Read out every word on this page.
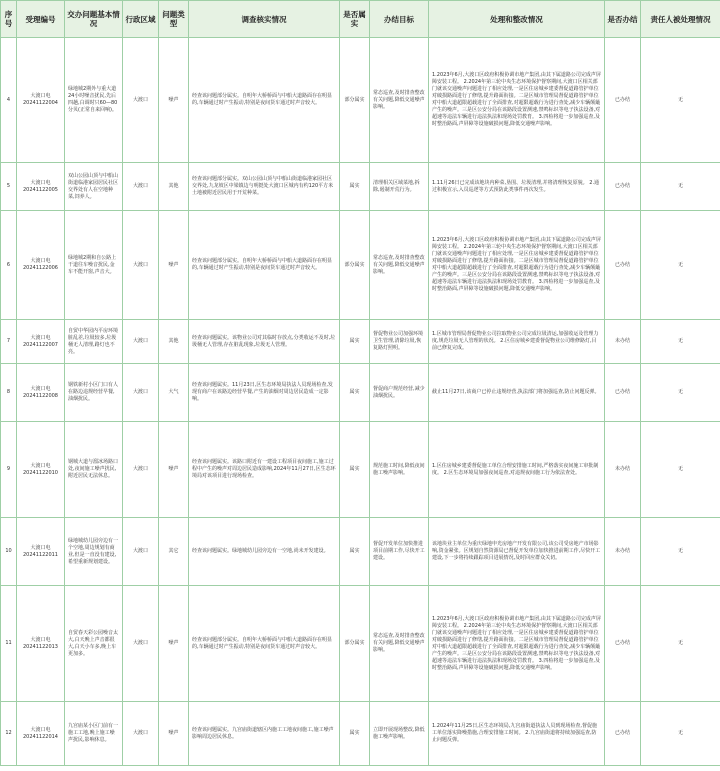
序号	受理编号	交办问题基本情况	行政区域	问题类型	调查核实情况	是否属实	办结目标	处理和整改情况	是否办结	责任人被处理情况
4	大渡口电20241122004	绿地城2期外与重大道24小时噪音扰民,先后四趟,白调时只60—80分贝(正常自来回响)。	大渡口	噪声	经查该问题部分属实。自明年大桥桥面与中船大道路面存在明显的,车辆通过时产生振动,特别是夜间货车通过时声音较大。	部分属实	常态巡查,及时排查整改有关问题,降低交通噪声影响。	1.2023年6月,大渡口区政府积极协调市地产集团,由其下属道路公司完成声屏障安装工程。 2.2024年第三轮中央生态环境保护督察期间,大渡口区相关部门就该交通噪声问题进行了相应处理,一是区住房城乡建委督促道路管护单位对破损路面进行了修缮,提升路面衔接。二是区城市管理局督促道路管护单位对中船大道超限超载进行了全面排查,对超限超载行为进行查处,减少车辆颠簸产生的噪声。三是区公安分局在该路段设置测速,禁鸣标识等电子执法设备,对超速等违法车辆进行违法执法和现场处罚教育。 3.四检将进一步加强巡查,及时整治路面,声屏障等设施破损问题,降低交通噪声影响。	已办结	无
5	大渡口电20241122005	双山公园山顶与中船山街道临港家园居民社区交界处有人在空地种菜,饲养人。	大渡口	其他	经查该问题部分属实。双山公园山顶与中船山街道临港家园社区交界处,九龙坡区中梁镇边与明挺处大渡口区城内有约120平方米土地被附近居民用于开荒种菜。	属实	清理相关区域菜地,拆除,遏制开荒行为。	1.11月26日已完成该地块内种菜,垦围、垃圾清理,并将清理恢复原貌。 2.通过积极宣示,入员巡逻等方式预防此类事件再次发生。	已办结	无
6	大渡口电20241122006	绿地城2期和自公路上干道往车噪音扰民,金车不能开窗,声音大。	大渡口	噪声	经查该问题部分属实。自明年大桥桥面与中船大道路面存在明显的,车辆通过时产生振动,特别是夜间货车通过时声音较大。	部分属实	常态巡查,及时排查整改有关问题,降低交通噪声影响。	1.2023年6月,大渡口区政府积极协调市地产集团,由其下属道路公司完成声屏障安装工程。 2.2024年第三轮中央生态环境保护督察期间,大渡口区相关部门就该交通噪声问题进行了相应处理,一是区住房城乡建委督促道路管护单位对破损路面进行了修缮,提升路面衔接。二是区城市管理局督促道路管护单位对中船大道超限超载进行了全面排查,对超限超载行为进行查处,减少车辆颠簸产生的噪声。三是区公安分局在该路段设置测速,禁鸣标识等电子执法设备,对超速等违法车辆进行违法执法和现场处罚教育。 3.四检将进一步加强巡查,及时整治路面,声屏障等设施破损问题,降低交通噪声影响。	已办结	无
7	大渡口电20241122007	自贸中华园内平房环境脏乱差,垃圾较多,垃圾桶无人清理,路灯也不亮。	大渡口	其他	经查该问题属实。该物业公司对其临时存放点,分类收运不及时,垃圾桶无人管理,存在脏乱现象,垃圾无人管理。	属实	督促物业公司加强环境卫生管理,清除垃圾,恢复路灯照明。	1.区城市管理局督促物业公司拉取物业公司完成垃圾清运,加强收运及管理力度,规范垃圾无人管理的状况。 2.区住房城乡建委督促物业公司维修路灯,目前已修复完成。	未办结	无
8	大渡口电20241122008	钢铁新村小区门口有人在路边违规经营早餐,油烟扰民。	大渡口	大气	经查该问题属实。11月23日,区生态环境局执法人员现场检查,发现有商户在该路边经营早餐,产生的油烟对周边居民造成一定影响。	属实	督促商户规范经营,减少油烟扰民。	截止11月27日,该商户已停止违规经营,执法部门将加强巡查,防止问题反弹。	已办结	无
9	大渡口电20241122010	钢城大道与溜冰场路口处,夜间施工噪声扰民,附近居民无法休息。	大渡口	噪声	经查该问题属实。该路口附近有一建设工程项目夜间施工,施工过程中产生的噪声对周边居民造成影响,2024年11月27日,区生态环境局对该项目进行现场检查。	属实	规范施工时间,降低夜间施工噪声影响。	1.区住房城乡建委督促施工单位合理安排施工时间,严格落实夜间施工审批制度。 2.区生态环境局加强夜间巡查,对违规夜间施工行为依法查处。	未办结	无
10	大渡口电20241122011	绿地城幼儿园旁边有一个空地,周边规划有商业,但是一直没有建设,希望重新规划建设。	大渡口	其它	经查该问题属实。绿地城幼儿园旁边有一空地,尚未开发建设。	属实	督促开发单位加快推进项目前期工作,尽快开工建设。	该地块业主单位为重庆绿地申光房地产开发有限公司,该公司受房地产市场影响,资金紧张。区规划自然资源局已督促开发单位加快推进前期工作,尽快开工建设,下一步将持续跟踪项目进展情况,及时回应群众关切。	未办结	无
11	大渡口电20241122013	自贸春天彩公园噪音太大,白天晚上声音都很大,白天小车多,晚上车更加多。	大渡口	噪声	经查该问题部分属实。自明年大桥桥面与中船大道路面存在明显的,车辆通过时产生振动,特别是夜间货车通过时声音较大。	部分属实	常态巡查,及时排查整改有关问题,降低交通噪声影响。	1.2023年6月,大渡口区政府积极协调市地产集团,由其下属道路公司完成声屏障安装工程。 2.2024年第三轮中央生态环境保护督察期间,大渡口区相关部门就该交通噪声问题进行了相应处理,一是区住房城乡建委督促道路管护单位对破损路面进行了修缮,提升路面衔接。二是区城市管理局督促道路管护单位对中船大道超限超载进行了全面排查,对超限超载行为进行查处,减少车辆颠簸产生的噪声。三是区公安分局在该路段设置测速,禁鸣标识等电子执法设备,对超速等违法车辆进行违法执法和现场处罚教育。 3.四检将进一步加强巡查,及时整治路面,声屏障等设施破损问题,降低交通噪声影响。	已办结	无
12	大渡口电20241122014	九宫庙某小区门前有一施工工地,晚上施工噪声扰民,影响休息。	大渡口	噪声	经查该问题属实。九宫庙街道辖区内施工工地夜间施工,施工噪声影响周边居民休息。	属实	立即开展现场整改,降低施工噪声影响。	1.2024年11月25日,区生态环境局,九宫庙街道执法人员到现场检查,督促施工单位落实降噪措施,合理安排施工时间。 2.九宫庙街道将持续加强巡查,防止问题反弹。	已办结	无
